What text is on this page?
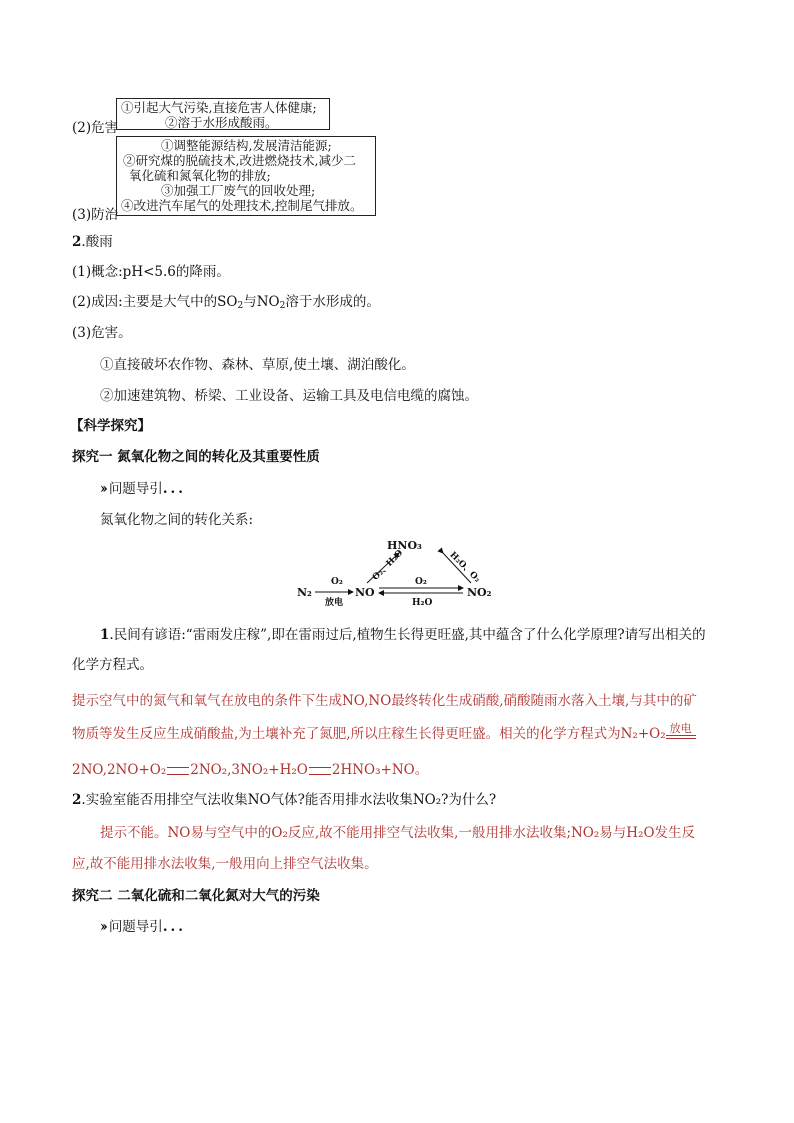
(2)危害
①引起大气污染,直接危害人体健康;
②溶于水形成酸雨。
(3)防治
①调整能源结构,发展清洁能源;
②研究煤的脱硫技术,改进燃烧技术,减少二
氧化硫和氮氧化物的排放;
③加强工厂废气的回收处理;
④改进汽车尾气的处理技术,控制尾气排放。
2.酸雨
(1)概念:pH<5.6的降雨。
(2)成因:主要是大气中的$SO_2$与$NO_2$溶于水形成的。
(3)危害。
①直接破坏农作物、森林、草原,使土壤、湖泊酸化。
②加速建筑物、桥梁、工业设备、运输工具及电信电缆的腐蚀。
【科学探究】
探究一 氮氧化物之间的转化及其重要性质
›› 问题导引...
氮氧化物之间的转化关系:
N₂
O₂
放电
NO
HNO₃
NO₂
O₂、H₂O	H₂O、O₂
O₂
H₂O
1.民间有谚语:“雷雨发庄稼”,即在雷雨过后,植物生长得更旺盛,其中蕴含了什么化学原理?请写出相关的
化学方程式。
提示空气中的氮气和氧气在放电的条件下生成NO,NO最终转化生成硝酸,硝酸随雨水落入土壤,与其中的矿
物质等发生反应生成硝酸盐,为土壤补充了氮肥,所以庄稼生长得更旺盛。相关的化学方程式为N₂+O₂ 放电
2NO,2NO+O₂ 2NO₂,3NO₂+H₂O 2HNO₃+NO。
2.实验室能否用排空气法收集NO气体?能否用排水法收集NO₂?为什么?
提示不能。NO易与空气中的O₂反应,故不能用排空气法收集,一般用排水法收集;NO₂易与H₂O发生反
应,故不能用排水法收集,一般用向上排空气法收集。
探究二 二氧化硫和二氧化氮对大气的污染
›› 问题导引...
